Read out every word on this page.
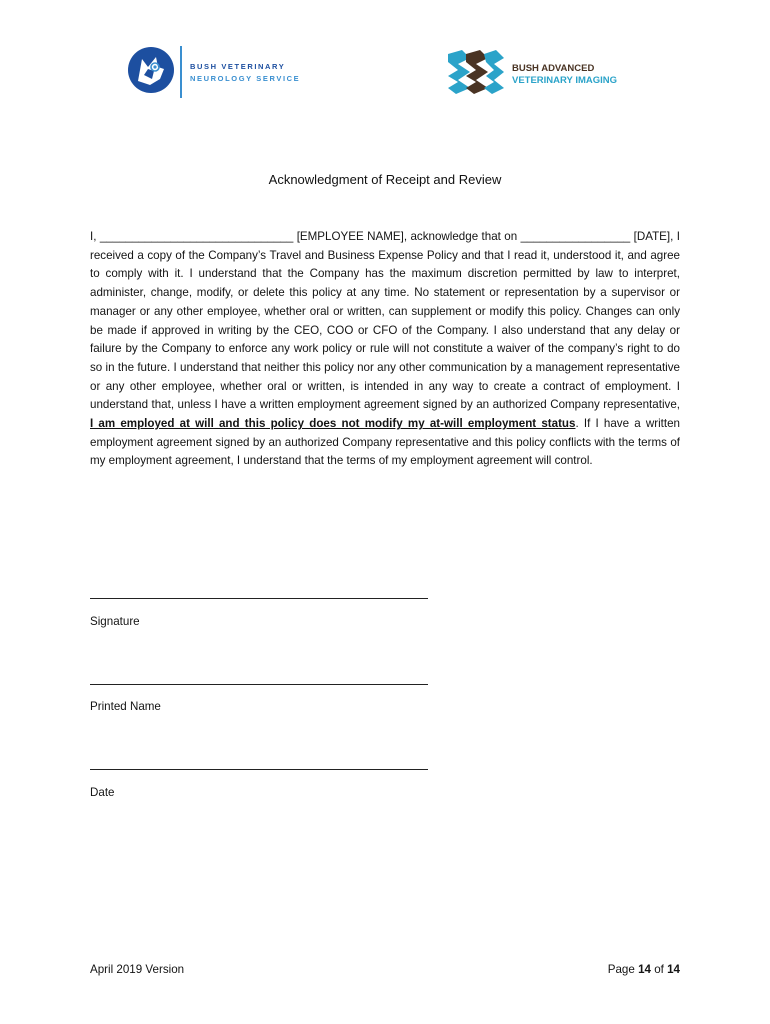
BUSH VETERINARY
NEUROLOGY SERVICE
BUSH ADVANCED
VETERINARY IMAGING
Acknowledgment of Receipt and Review
I, ______________________________ [EMPLOYEE NAME], acknowledge that on _________________ [DATE], I received a copy of the Company’s Travel and Business Expense Policy and that I read it, understood it, and agree to comply with it. I understand that the Company has the maximum discretion permitted by law to interpret, administer, change, modify, or delete this policy at any time. No statement or representation by a supervisor or manager or any other employee, whether oral or written, can supplement or modify this policy. Changes can only be made if approved in writing by the CEO, COO or CFO of the Company. I also understand that any delay or failure by the Company to enforce any work policy or rule will not constitute a waiver of the company’s right to do so in the future. I understand that neither this policy nor any other communication by a management representative or any other employee, whether oral or written, is intended in any way to create a contract of employment. I understand that, unless I have a written employment agreement signed by an authorized Company representative, I am employed at will and this policy does not modify my at-will employment status. If I have a written employment agreement signed by an authorized Company representative and this policy conflicts with the terms of my employment agreement, I understand that the terms of my employment agreement will control.
Signature
Printed Name
Date
April 2019 Version	Page 14 of 14
